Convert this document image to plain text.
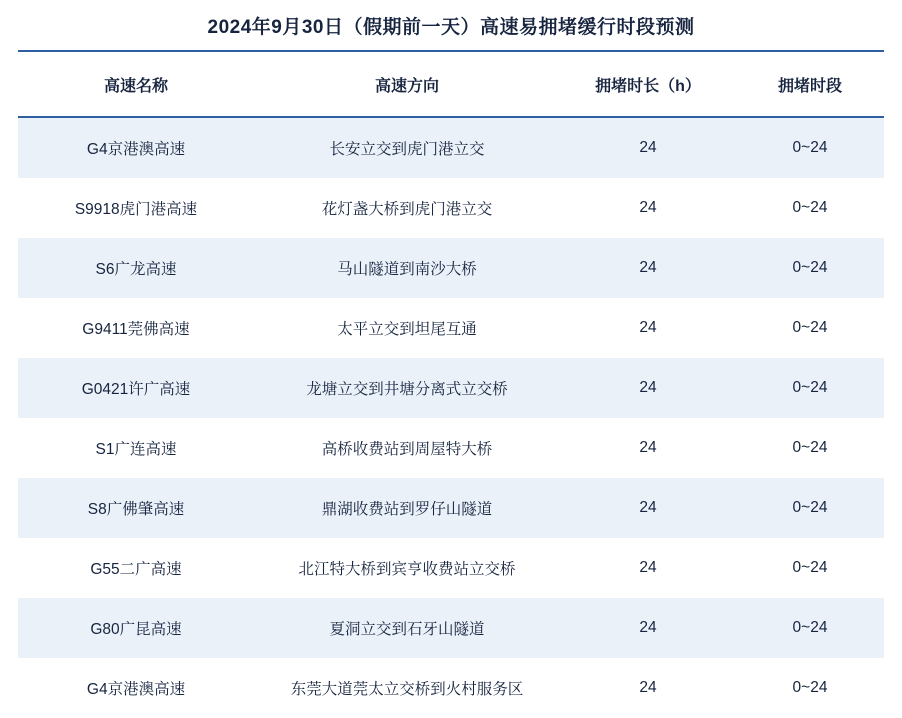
2024年9月30日（假期前一天）高速易拥堵缓行时段预测
高速名称	高速方向	拥堵时长（h）	拥堵时段
G4京港澳高速	长安立交到虎门港立交	24	0~24
S9918虎门港高速	花灯盏大桥到虎门港立交	24	0~24
S6广龙高速	马山隧道到南沙大桥	24	0~24
G9411莞佛高速	太平立交到坦尾互通	24	0~24
G0421许广高速	龙塘立交到井塘分离式立交桥	24	0~24
S1广连高速	高桥收费站到周屋特大桥	24	0~24
S8广佛肇高速	鼎湖收费站到罗仔山隧道	24	0~24
G55二广高速	北江特大桥到宾亨收费站立交桥	24	0~24
G80广昆高速	夏洞立交到石牙山隧道	24	0~24
G4京港澳高速	东莞大道莞太立交桥到火村服务区	24	0~24
